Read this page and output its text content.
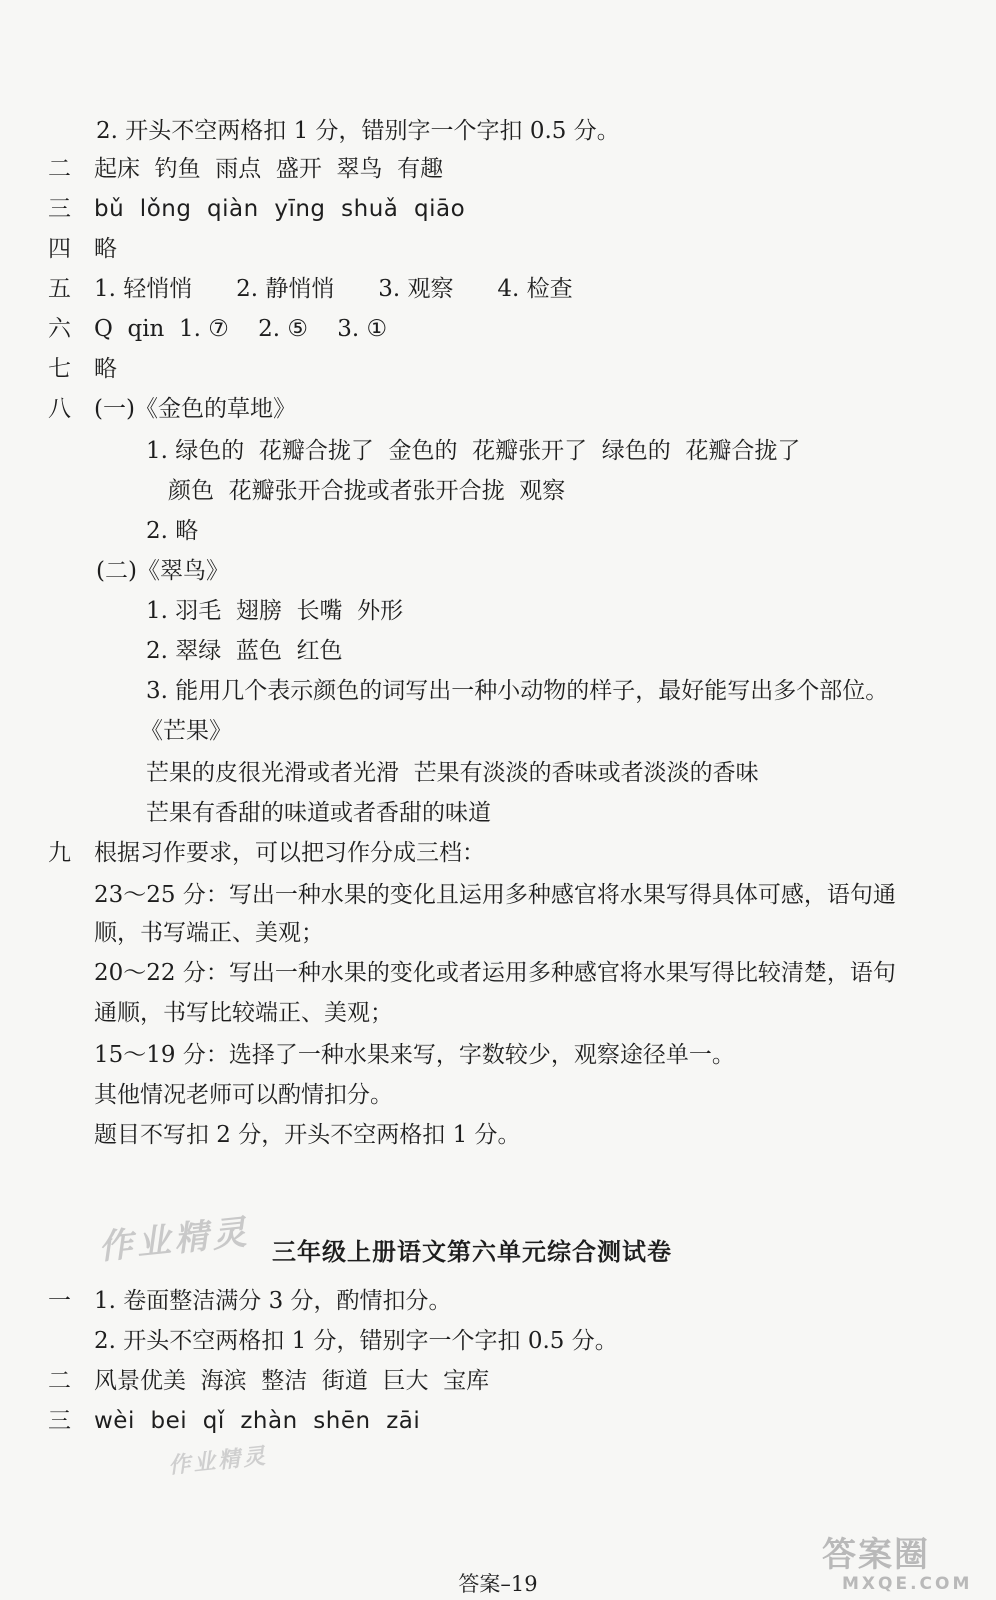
2. 开头不空两格扣 1 分，错别字一个字扣 0.5 分。
二 起床  钓鱼  雨点  盛开  翠鸟  有趣
三 bǔ  lǒng  qiàn  yīng  shuǎ  qiāo
四 略
五 1. 轻悄悄      2. 静悄悄      3. 观察      4. 检查
六 Q  qin  1. ⑦    2. ⑤    3. ①
七 略
八 (一)《金色的草地》
1. 绿色的  花瓣合拢了  金色的  花瓣张开了  绿色的  花瓣合拢了
颜色  花瓣张开合拢或者张开合拢  观察
2. 略
(二)《翠鸟》
1. 羽毛  翅膀  长嘴  外形
2. 翠绿  蓝色  红色
3. 能用几个表示颜色的词写出一种小动物的样子，最好能写出多个部位。
《芒果》
芒果的皮很光滑或者光滑  芒果有淡淡的香味或者淡淡的香味
芒果有香甜的味道或者香甜的味道
九 根据习作要求，可以把习作分成三档：
23～25 分：写出一种水果的变化且运用多种感官将水果写得具体可感，语句通
顺，书写端正、美观；
20～22 分：写出一种水果的变化或者运用多种感官将水果写得比较清楚，语句
通顺，书写比较端正、美观；
15～19 分：选择了一种水果来写，字数较少，观察途径单一。
其他情况老师可以酌情扣分。
题目不写扣 2 分，开头不空两格扣 1 分。
作业精灵 三年级上册语文第六单元综合测试卷
一 1. 卷面整洁满分 3 分，酌情扣分。
2. 开头不空两格扣 1 分，错别字一个字扣 0.5 分。
二 风景优美  海滨  整洁  街道  巨大  宝库
三 wèi  bei  qǐ  zhàn  shēn  zāi
作业精灵
答案–19
答案圈
MXQE.COM
